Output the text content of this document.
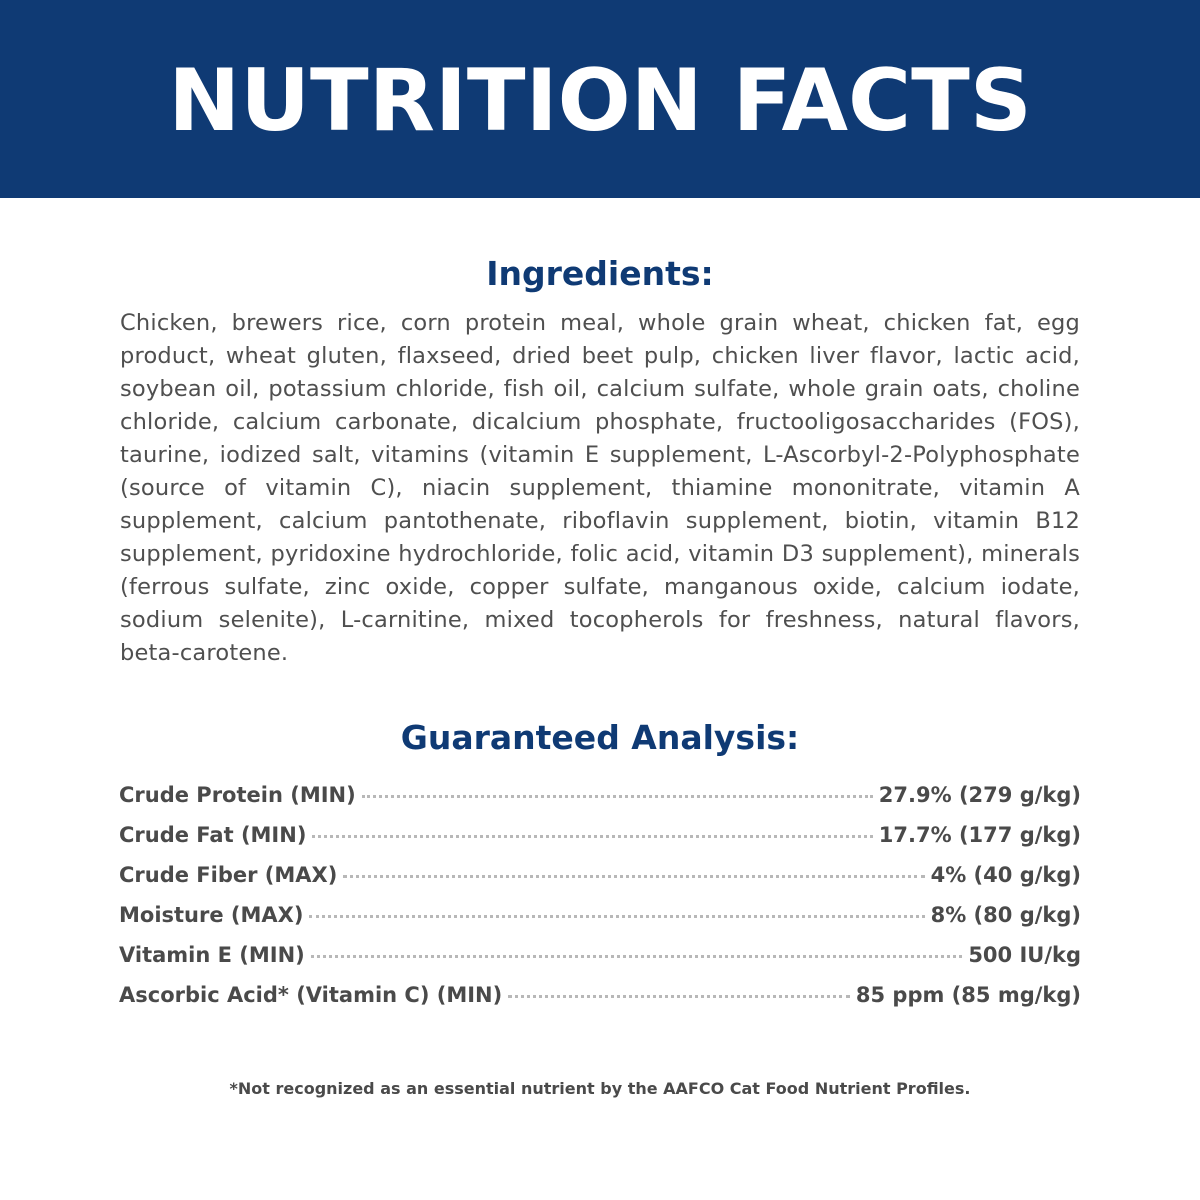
NUTRITION FACTS
Ingredients:

Chicken, brewers rice, corn protein meal, whole grain wheat, chicken fat, egg product, wheat gluten, flaxseed, dried beet pulp, chicken liver flavor, lactic acid, soybean oil, potassium chloride, fish oil, calcium sulfate, whole grain oats, choline chloride, calcium carbonate, dicalcium phosphate, fructooligosaccharides (FOS), taurine, iodized salt, vitamins (vitamin E supplement, L-Ascorbyl-2-Polyphosphate (source of vitamin C), niacin supplement, thiamine mononitrate, vitamin A supplement, calcium pantothenate, riboflavin supplement, biotin, vitamin B12 supplement, pyridoxine hydrochloride, folic acid, vitamin D3 supplement), minerals (ferrous sulfate, zinc oxide, copper sulfate, manganous oxide, calcium iodate, sodium selenite), L-carnitine, mixed tocopherols for freshness, natural flavors, beta-carotene.

Guaranteed Analysis:
Crude Protein (MIN)	27.9% (279 g/kg)
Crude Fat (MIN)	17.7% (177 g/kg)
Crude Fiber (MAX)	4% (40 g/kg)
Moisture (MAX)	8% (80 g/kg)
Vitamin E (MIN)	500 IU/kg
Ascorbic Acid* (Vitamin C) (MIN)	85 ppm (85 mg/kg)

*Not recognized as an essential nutrient by the AAFCO Cat Food Nutrient Profiles.
